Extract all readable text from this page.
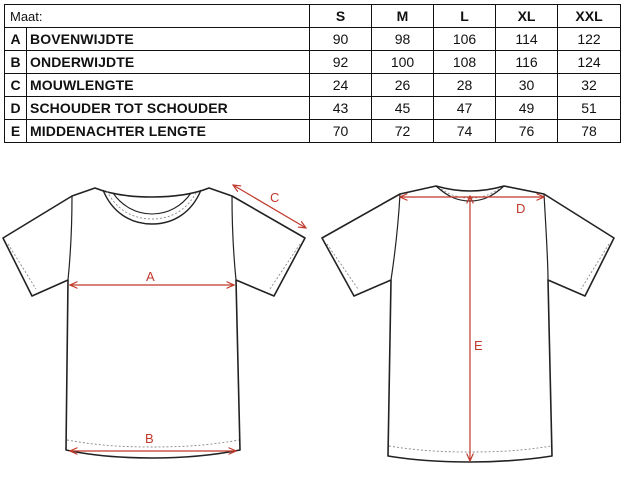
Maat:		S	M	L	XL	XXL
A	BOVENWIJDTE	90	98	106	114	122
B	ONDERWIJDTE	92	100	108	116	124
C	MOUWLENGTE	24	26	28	30	32
D	SCHOUDER TOT SCHOUDER	43	45	47	49	51
E	MIDDENACHTER LENGTE	70	72	74	76	78
A
B
C
D
E
